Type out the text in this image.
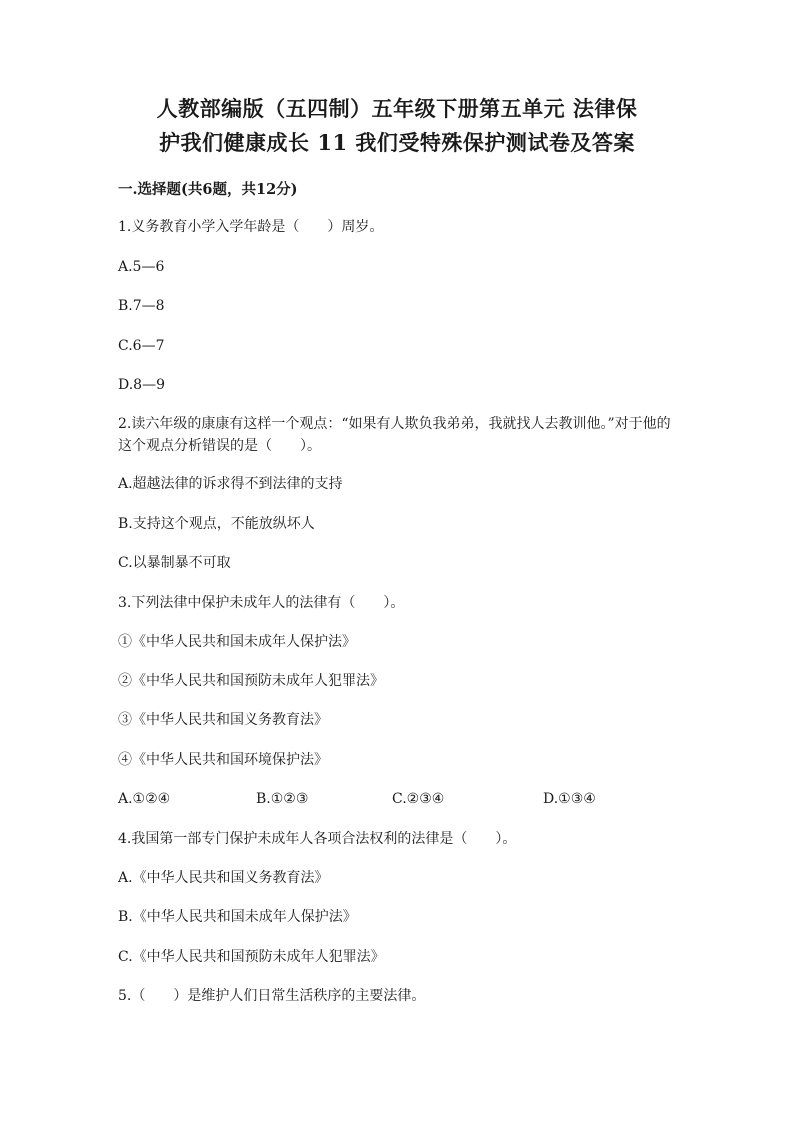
人教部编版（五四制）五年级下册第五单元 法律保
护我们健康成长 11 我们受特殊保护测试卷及答案
一.选择题(共6题，共12分)
1.义务教育小学入学年龄是（　　）周岁。
A.5—6
B.7—8
C.6—7
D.8—9
2.读六年级的康康有这样一个观点：“如果有人欺负我弟弟，我就找人去教训他。”对于他的这个观点分析错误的是（　　）。
A.超越法律的诉求得不到法律的支持
B.支持这个观点，不能放纵坏人
C.以暴制暴不可取
3.下列法律中保护未成年人的法律有（　　）。
①《中华人民共和国未成年人保护法》
②《中华人民共和国预防未成年人犯罪法》
③《中华人民共和国义务教育法》
④《中华人民共和国环境保护法》
A.①②④	B.①②③	C.②③④	D.①③④
4.我国第一部专门保护未成年人各项合法权利的法律是（　　）。
A.《中华人民共和国义务教育法》
B.《中华人民共和国未成年人保护法》
C.《中华人民共和国预防未成年人犯罪法》
5.（　　）是维护人们日常生活秩序的主要法律。
